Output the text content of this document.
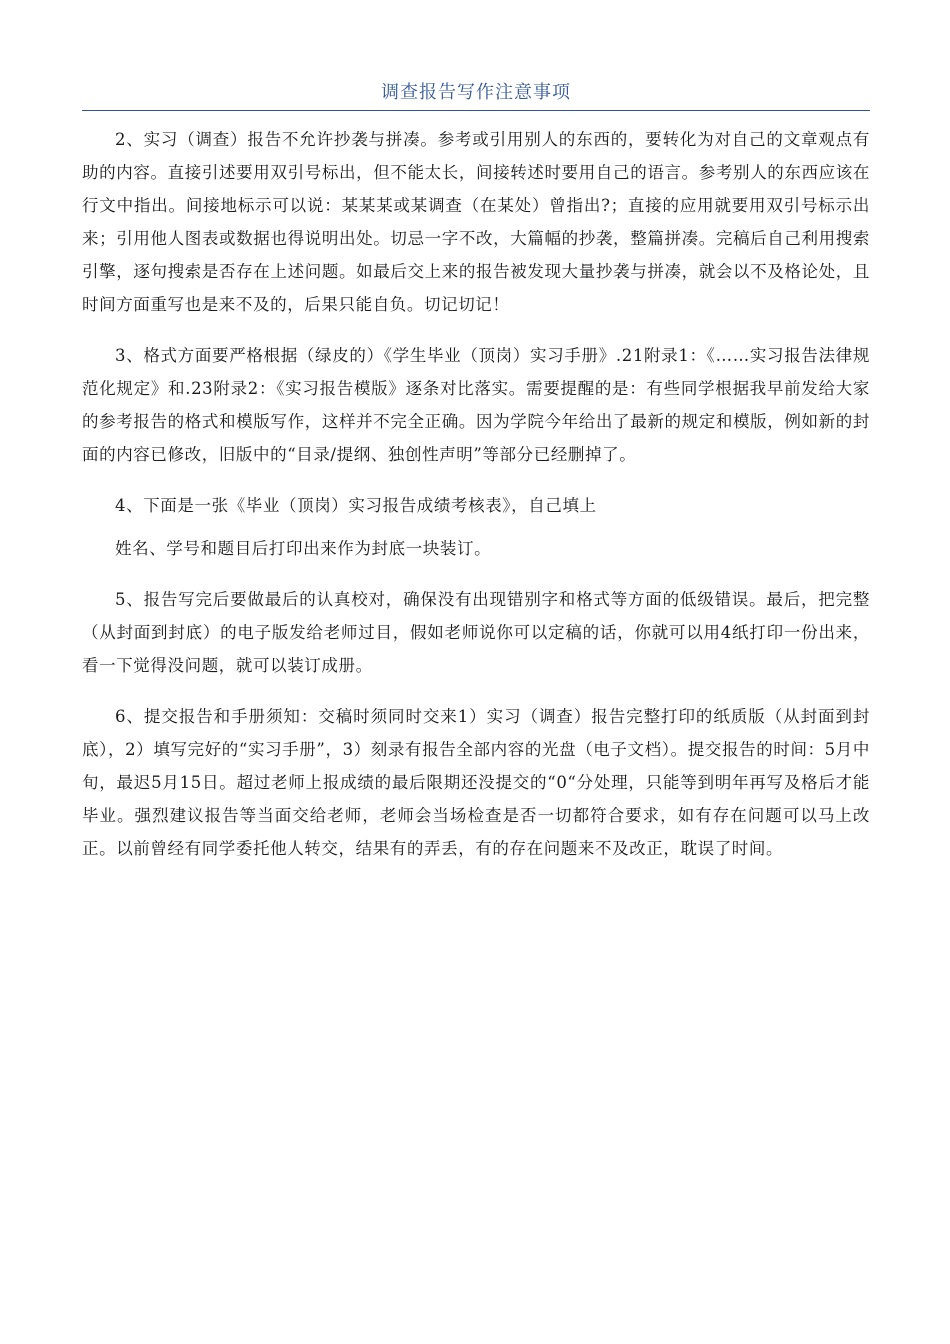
调查报告写作注意事项

2、实习（调查）报告不允许抄袭与拼凑。参考或引用别人的东西的，要转化为对自己的文章观点有助的内容。直接引述要用双引号标出，但不能太长，间接转述时要用自己的语言。参考别人的东西应该在行文中指出。间接地标示可以说：某某某或某调查（在某处）曾指出?；直接的应用就要用双引号标示出来；引用他人图表或数据也得说明出处。切忌一字不改，大篇幅的抄袭，整篇拼凑。完稿后自己利用搜索引擎，逐句搜索是否存在上述问题。如最后交上来的报告被发现大量抄袭与拼凑，就会以不及格论处，且时间方面重写也是来不及的，后果只能自负。切记切记！

3、格式方面要严格根据（绿皮的）《学生毕业（顶岗）实习手册》.21附录1：《……实习报告法律规范化规定》和.23附录2：《实习报告模版》逐条对比落实。需要提醒的是：有些同学根据我早前发给大家的参考报告的格式和模版写作，这样并不完全正确。因为学院今年给出了最新的规定和模版，例如新的封面的内容已修改，旧版中的“目录/提纲、独创性声明”等部分已经删掉了。

4、下面是一张《毕业（顶岗）实习报告成绩考核表》，自己填上

姓名、学号和题目后打印出来作为封底一块装订。

5、报告写完后要做最后的认真校对，确保没有出现错别字和格式等方面的低级错误。最后，把完整（从封面到封底）的电子版发给老师过目，假如老师说你可以定稿的话，你就可以用4纸打印一份出来，看一下觉得没问题，就可以装订成册。

6、提交报告和手册须知：交稿时须同时交来1）实习（调查）报告完整打印的纸质版（从封面到封底），2）填写完好的“实习手册”，3）刻录有报告全部内容的光盘（电子文档）。提交报告的时间：5月中旬，最迟5月15日。超过老师上报成绩的最后限期还没提交的“0“分处理，只能等到明年再写及格后才能毕业。强烈建议报告等当面交给老师，老师会当场检查是否一切都符合要求，如有存在问题可以马上改正。以前曾经有同学委托他人转交，结果有的弄丢，有的存在问题来不及改正，耽误了时间。
